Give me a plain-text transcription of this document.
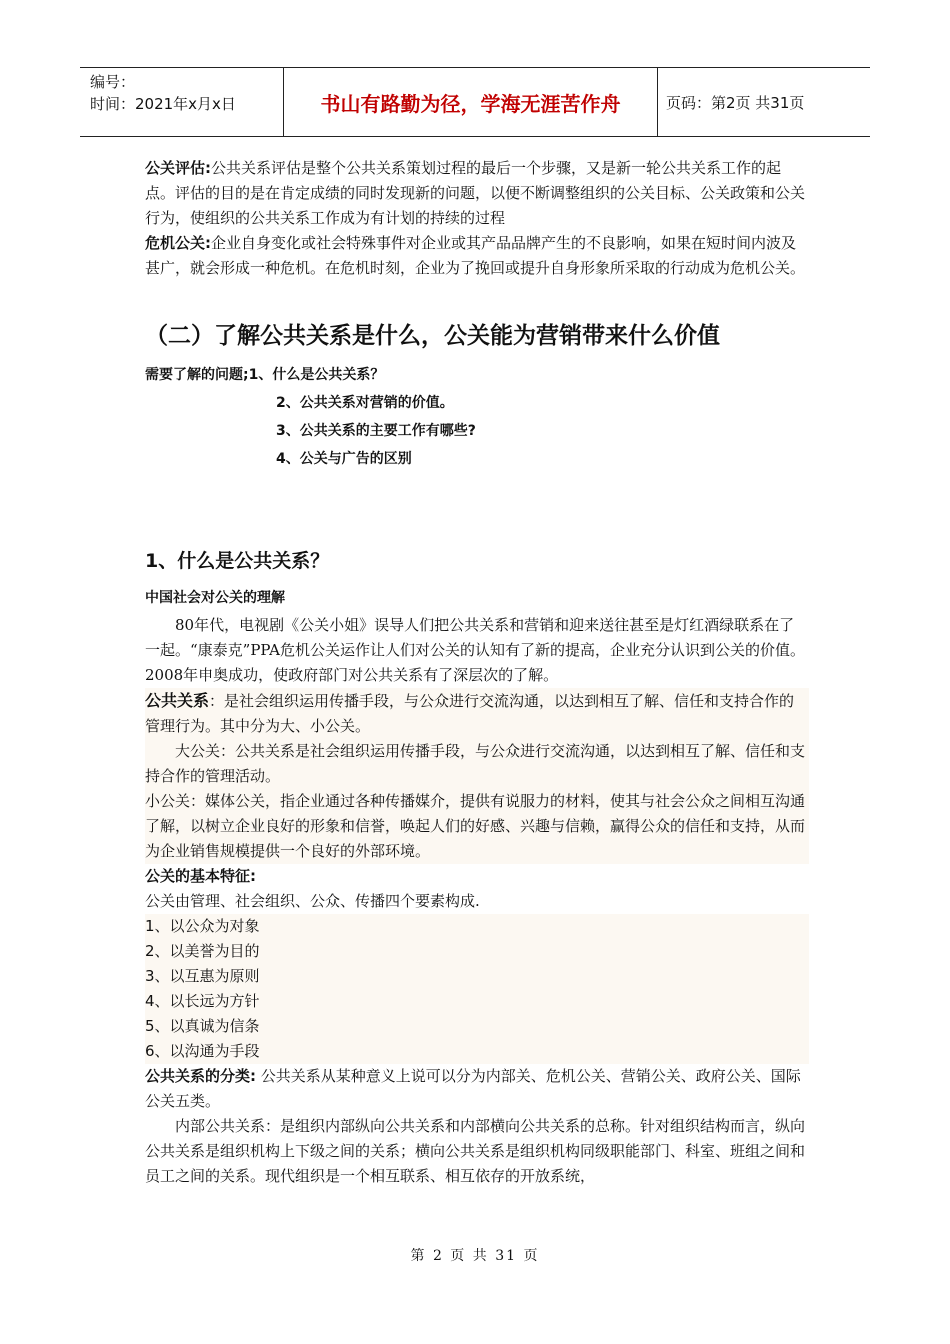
编号：
时间：2021年x月x日	书山有路勤为径，学海无涯苦作舟	页码：第2页 共31页
公关评估:公共关系评估是整个公共关系策划过程的最后一个步骤，又是新一轮公共关系工作的起点。评估的目的是在肯定成绩的同时发现新的问题，以便不断调整组织的公关目标、公关政策和公关行为，使组织的公共关系工作成为有计划的持续的过程
危机公关:企业自身变化或社会特殊事件对企业或其产品品牌产生的不良影响，如果在短时间内波及甚广，就会形成一种危机。在危机时刻，企业为了挽回或提升自身形象所采取的行动成为危机公关。
（二）了解公共关系是什么，公关能为营销带来什么价值
需要了解的问题;1、什么是公共关系？
2、公共关系对营销的价值。
3、公共关系的主要工作有哪些?
4、公关与广告的区别
1、什么是公共关系？
中国社会对公关的理解
80年代，电视剧《公关小姐》误导人们把公共关系和营销和迎来送往甚至是灯红酒绿联系在了一起。“康泰克”PPA危机公关运作让人们对公关的认知有了新的提高，企业充分认识到公关的价值。2008年申奥成功，使政府部门对公共关系有了深层次的了解。
公共关系：是社会组织运用传播手段，与公众进行交流沟通，以达到相互了解、信任和支持合作的管理行为。其中分为大、小公关。
大公关：公共关系是社会组织运用传播手段，与公众进行交流沟通，以达到相互了解、信任和支持合作的管理活动。
小公关：媒体公关，指企业通过各种传播媒介，提供有说服力的材料，使其与社会公众之间相互沟通了解，以树立企业良好的形象和信誉，唤起人们的好感、兴趣与信赖，赢得公众的信任和支持，从而为企业销售规模提供一个良好的外部环境。
公关的基本特征:
公关由管理、社会组织、公众、传播四个要素构成.
1、以公众为对象
2、以美誉为目的
3、以互惠为原则
4、以长远为方针
5、以真诚为信条
6、以沟通为手段
公共关系的分类: 公共关系从某种意义上说可以分为内部关、危机公关、营销公关、政府公关、国际公关五类。
内部公共关系：是组织内部纵向公共关系和内部横向公共关系的总称。针对组织结构而言，纵向公共关系是组织机构上下级之间的关系；横向公共关系是组织机构同级职能部门、科室、班组之间和员工之间的关系。现代组织是一个相互联系、相互依存的开放系统，
第 2 页 共 31 页
